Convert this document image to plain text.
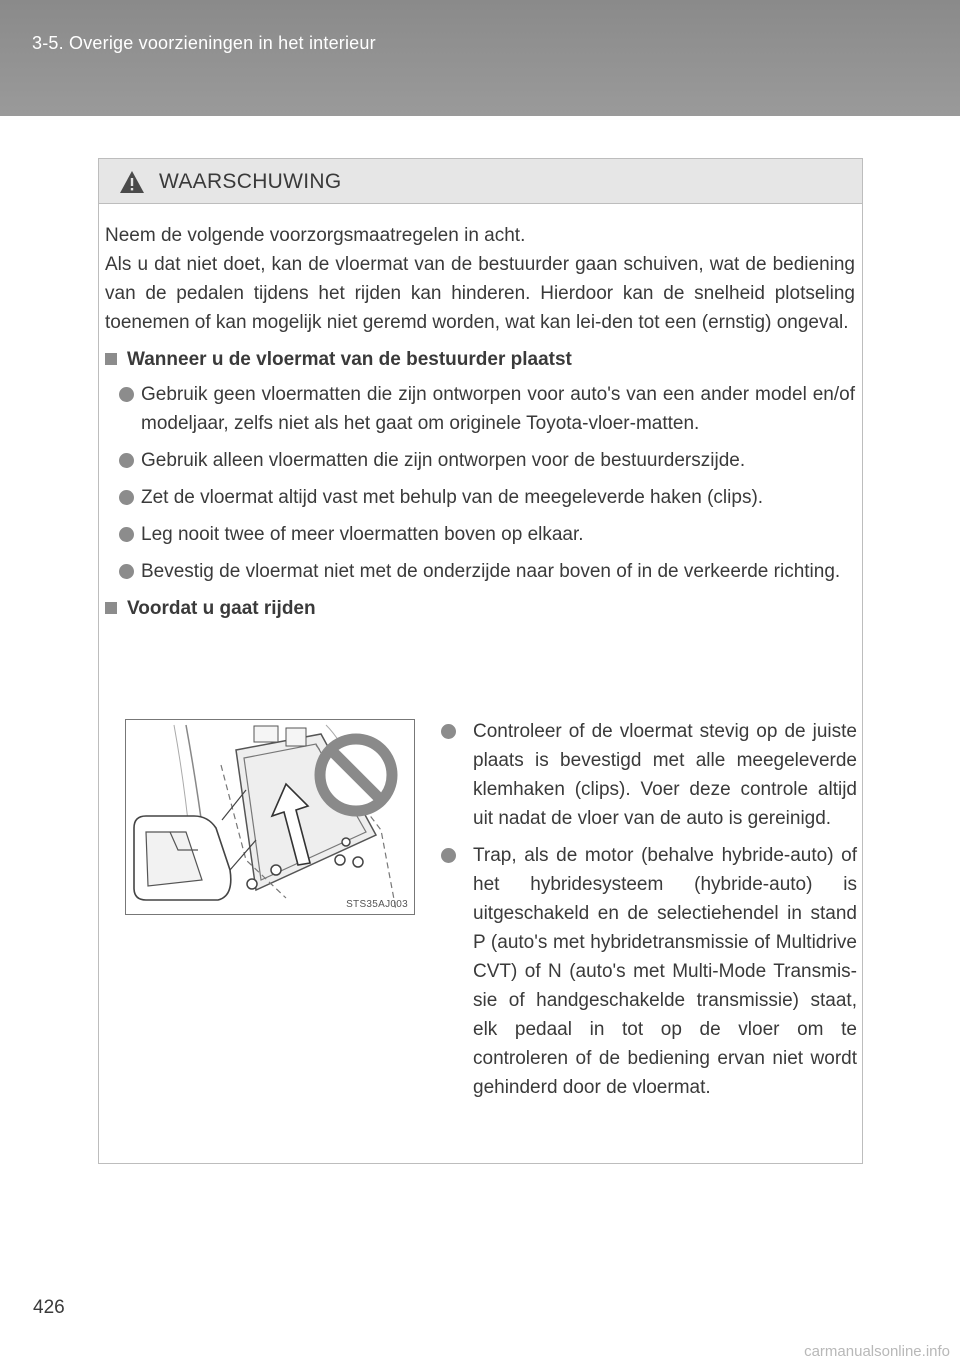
3-5. Overige voorzieningen in het interieur
WAARSCHUWING
Neem de volgende voorzorgsmaatregelen in acht.
Als u dat niet doet, kan de vloermat van de bestuurder gaan schuiven, wat de bediening van de pedalen tijdens het rijden kan hinderen. Hierdoor kan de snelheid plotseling toenemen of kan mogelijk niet geremd worden, wat kan lei-den tot een (ernstig) ongeval.
Wanneer u de vloermat van de bestuurder plaatst
Gebruik geen vloermatten die zijn ontworpen voor auto's van een ander model en/of modeljaar, zelfs niet als het gaat om originele Toyota-vloer-matten.
Gebruik alleen vloermatten die zijn ontworpen voor de bestuurderszijde.
Zet de vloermat altijd vast met behulp van de meegeleverde haken (clips).
Leg nooit twee of meer vloermatten boven op elkaar.
Bevestig de vloermat niet met de onderzijde naar boven of in de verkeerde richting.
Voordat u gaat rijden
STS35AJ003
Controleer of de vloermat stevig op de juiste plaats is bevestigd met alle meegeleverde klemhaken (clips). Voer deze controle altijd uit nadat de vloer van de auto is gereinigd.
Trap, als de motor (behalve hybride-auto) of het hybridesysteem (hybride-auto) is uitgeschakeld en de selectiehendel in stand P (auto's met hybridetransmissie of Multidrive CVT) of N (auto's met Multi-Mode Transmis-sie of handgeschakelde transmissie) staat, elk pedaal in tot op de vloer om te controleren of de bediening ervan niet wordt gehinderd door de vloermat.
426
carmanualsonline.info
